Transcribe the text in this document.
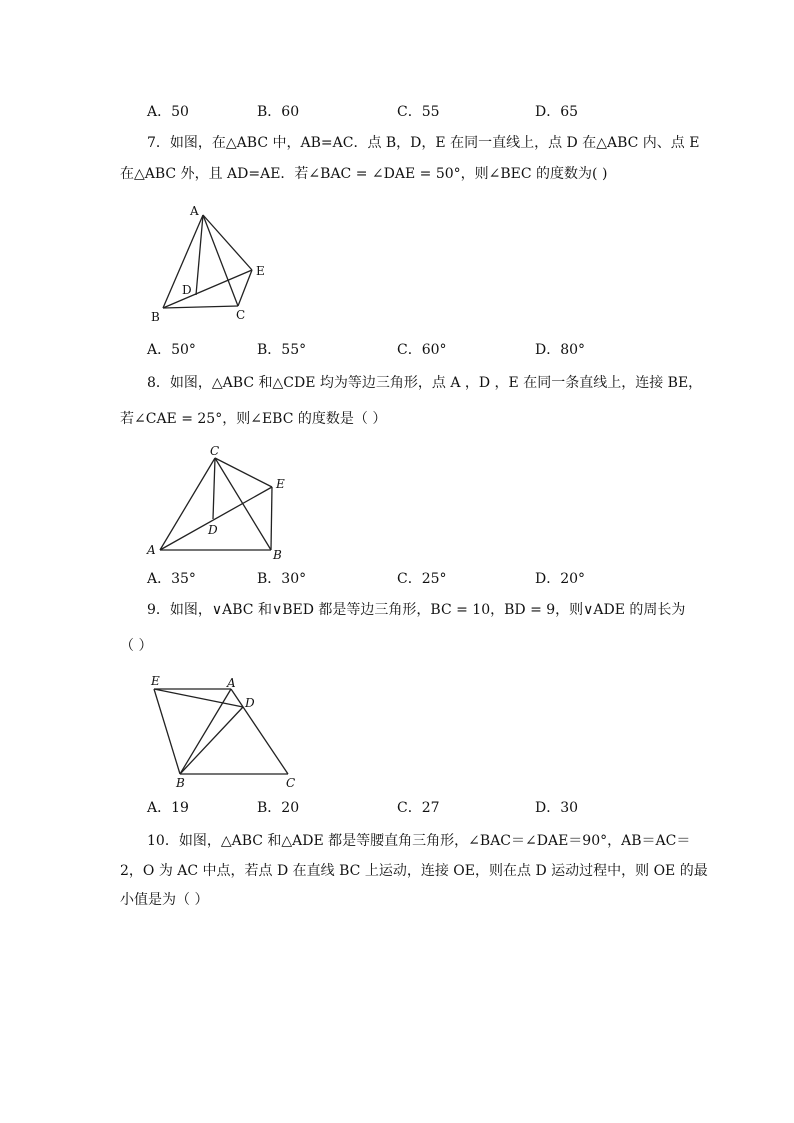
A．50	B．60	C．55	D．65
7．如图，在△ABC 中，AB=AC．点 B，D，E 在同一直线上，点 D 在△ABC 内、点 E
在△ABC 外，且 AD=AE．若∠BAC = ∠DAE = 50°，则∠BEC 的度数为( )
A
B	C
D
E
A．50°	B．55°	C．60°	D．80°
8．如图，△ABC 和△CDE 均为等边三角形，点 A ，D ，E 在同一条直线上，连接 BE，
若∠CAE = 25°，则∠EBC 的度数是（ ）
A	B
C
D
E
A．35°	B．30°	C．25°	D．20°
9．如图，∨ABC 和∨BED 都是等边三角形，BC = 10，BD = 9，则∨ADE 的周长为
（ ）
E	A
D
B	C
A．19	B．20	C．27	D．30
10．如图，△ABC 和△ADE 都是等腰直角三角形，∠BAC＝∠DAE＝90°，AB＝AC＝
2，O 为 AC 中点，若点 D 在直线 BC 上运动，连接 OE，则在点 D 运动过程中，则 OE 的最
小值是为（ ）
